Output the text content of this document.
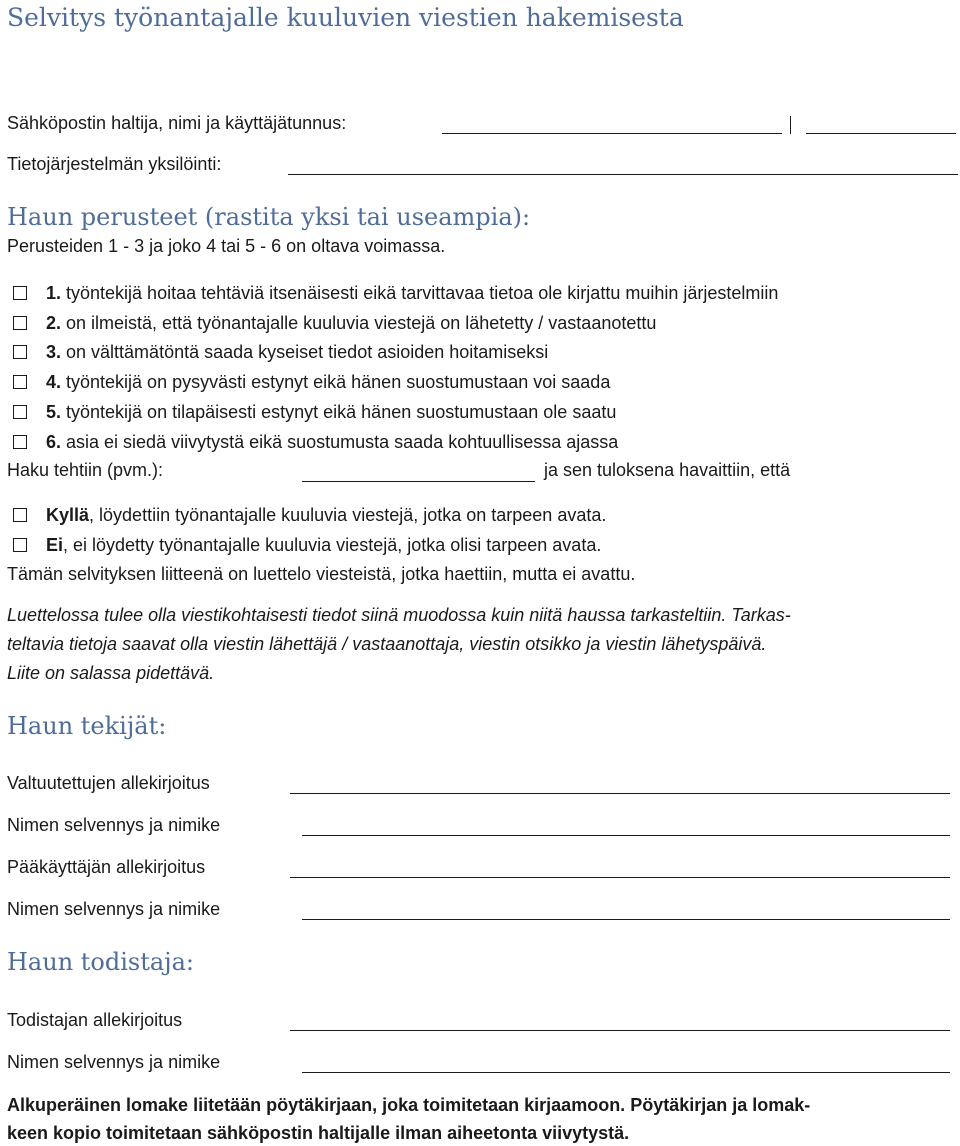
Selvitys työnantajalle kuuluvien viestien hakemisesta
Sähköpostin haltija, nimi ja käyttäjätunnus:
Tietojärjestelmän yksilöinti:
Haun perusteet (rastita yksi tai useampia):
Perusteiden 1 - 3 ja joko 4 tai 5 - 6 on oltava voimassa.
1. työntekijä hoitaa tehtäviä itsenäisesti eikä tarvittavaa tietoa ole kirjattu muihin järjestelmiin
2. on ilmeistä, että työnantajalle kuuluvia viestejä on lähetetty / vastaanotettu
3. on välttämätöntä saada kyseiset tiedot asioiden hoitamiseksi
4. työntekijä on pysyvästi estynyt eikä hänen suostumustaan voi saada
5. työntekijä on tilapäisesti estynyt eikä hänen suostumustaan ole saatu
6. asia ei siedä viivytystä eikä suostumusta saada kohtuullisessa ajassa
Haku tehtiin (pvm.):	ja sen tuloksena havaittiin, että
Kyllä, löydettiin työnantajalle kuuluvia viestejä, jotka on tarpeen avata.
Ei, ei löydetty työnantajalle kuuluvia viestejä, jotka olisi tarpeen avata.
Tämän selvityksen liitteenä on luettelo viesteistä, jotka haettiin, mutta ei avattu.
Luettelossa tulee olla viestikohtaisesti tiedot siinä muodossa kuin niitä haussa tarkasteltiin. Tarkas-
teltavia tietoja saavat olla viestin lähettäjä / vastaanottaja, viestin otsikko ja viestin lähetyspäivä.
Liite on salassa pidettävä.
Haun tekijät:
Valtuutettujen allekirjoitus
Nimen selvennys ja nimike
Pääkäyttäjän allekirjoitus
Nimen selvennys ja nimike
Haun todistaja:
Todistajan allekirjoitus
Nimen selvennys ja nimike
Alkuperäinen lomake liitetään pöytäkirjaan, joka toimitetaan kirjaamoon. Pöytäkirjan ja lomak-
keen kopio toimitetaan sähköpostin haltijalle ilman aiheetonta viivytystä.
